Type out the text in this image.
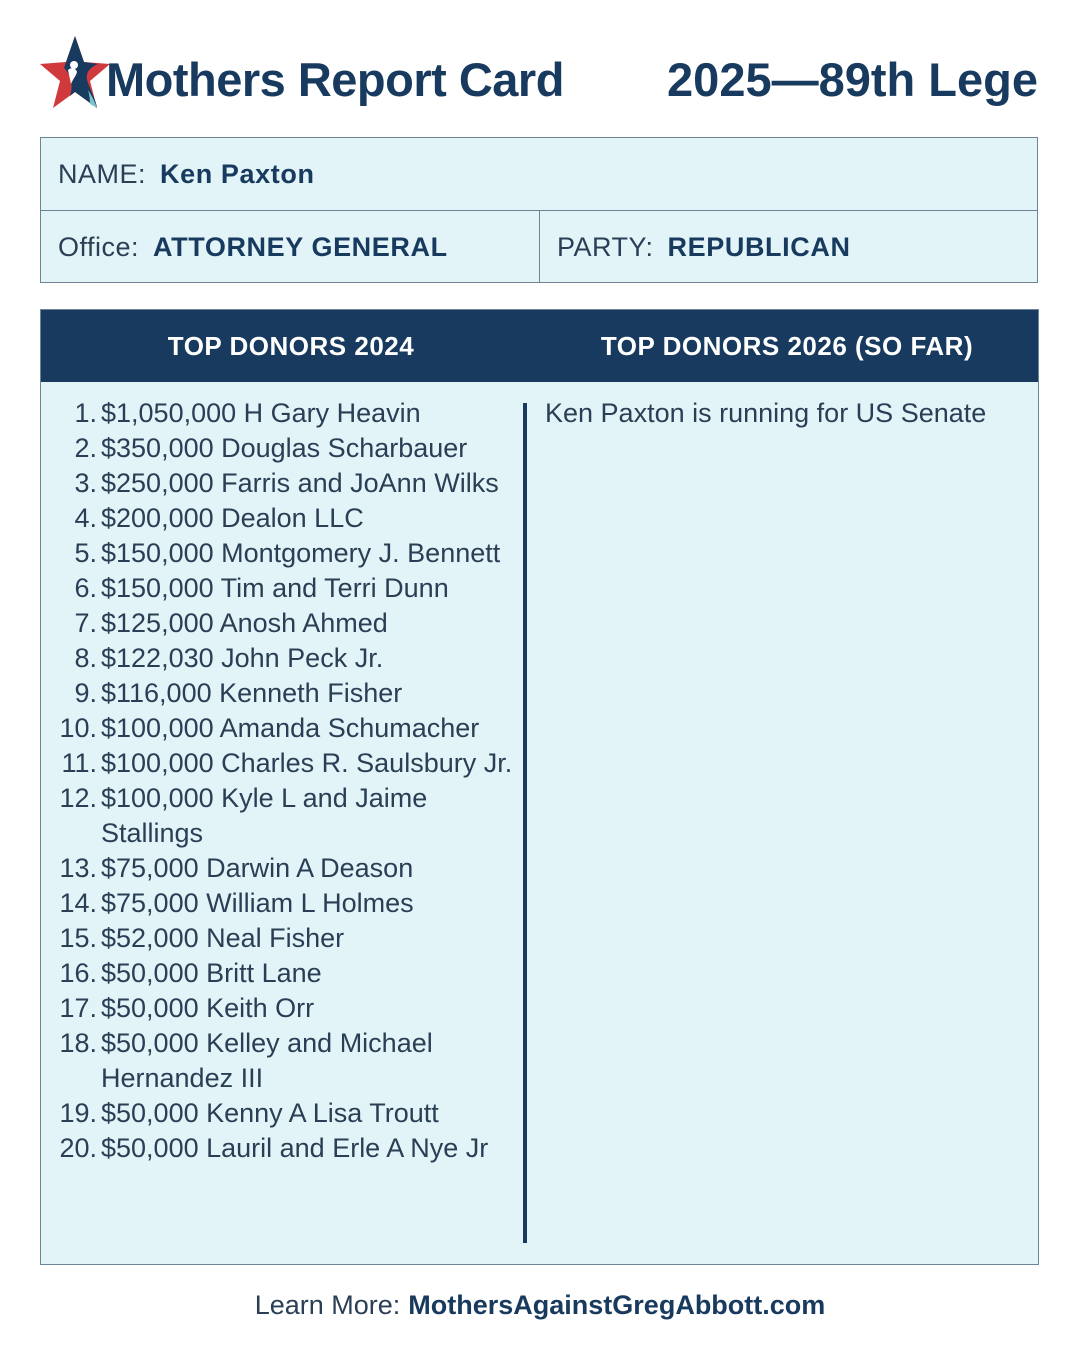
Mothers Report Card 2025—89th Lege
NAME: Ken Paxton
Office: ATTORNEY GENERAL	PARTY: REPUBLICAN
TOP DONORS 2024	TOP DONORS 2026 (SO FAR)
1. $1,050,000 H Gary Heavin
2. $350,000 Douglas Scharbauer
3. $250,000 Farris and JoAnn Wilks
4. $200,000 Dealon LLC
5. $150,000 Montgomery J. Bennett
6. $150,000 Tim and Terri Dunn
7. $125,000 Anosh Ahmed
8. $122,030 John Peck Jr.
9. $116,000 Kenneth Fisher
10. $100,000 Amanda Schumacher
11. $100,000 Charles R. Saulsbury Jr.
12. $100,000 Kyle L and Jaime Stallings
13. $75,000 Darwin A Deason
14. $75,000 William L Holmes
15. $52,000 Neal Fisher
16. $50,000 Britt Lane
17. $50,000 Keith Orr
18. $50,000 Kelley and Michael Hernandez III
19. $50,000 Kenny A Lisa Troutt
20. $50,000 Lauril and Erle A Nye Jr
Ken Paxton is running for US Senate
Learn More: MothersAgainstGregAbbott.com
